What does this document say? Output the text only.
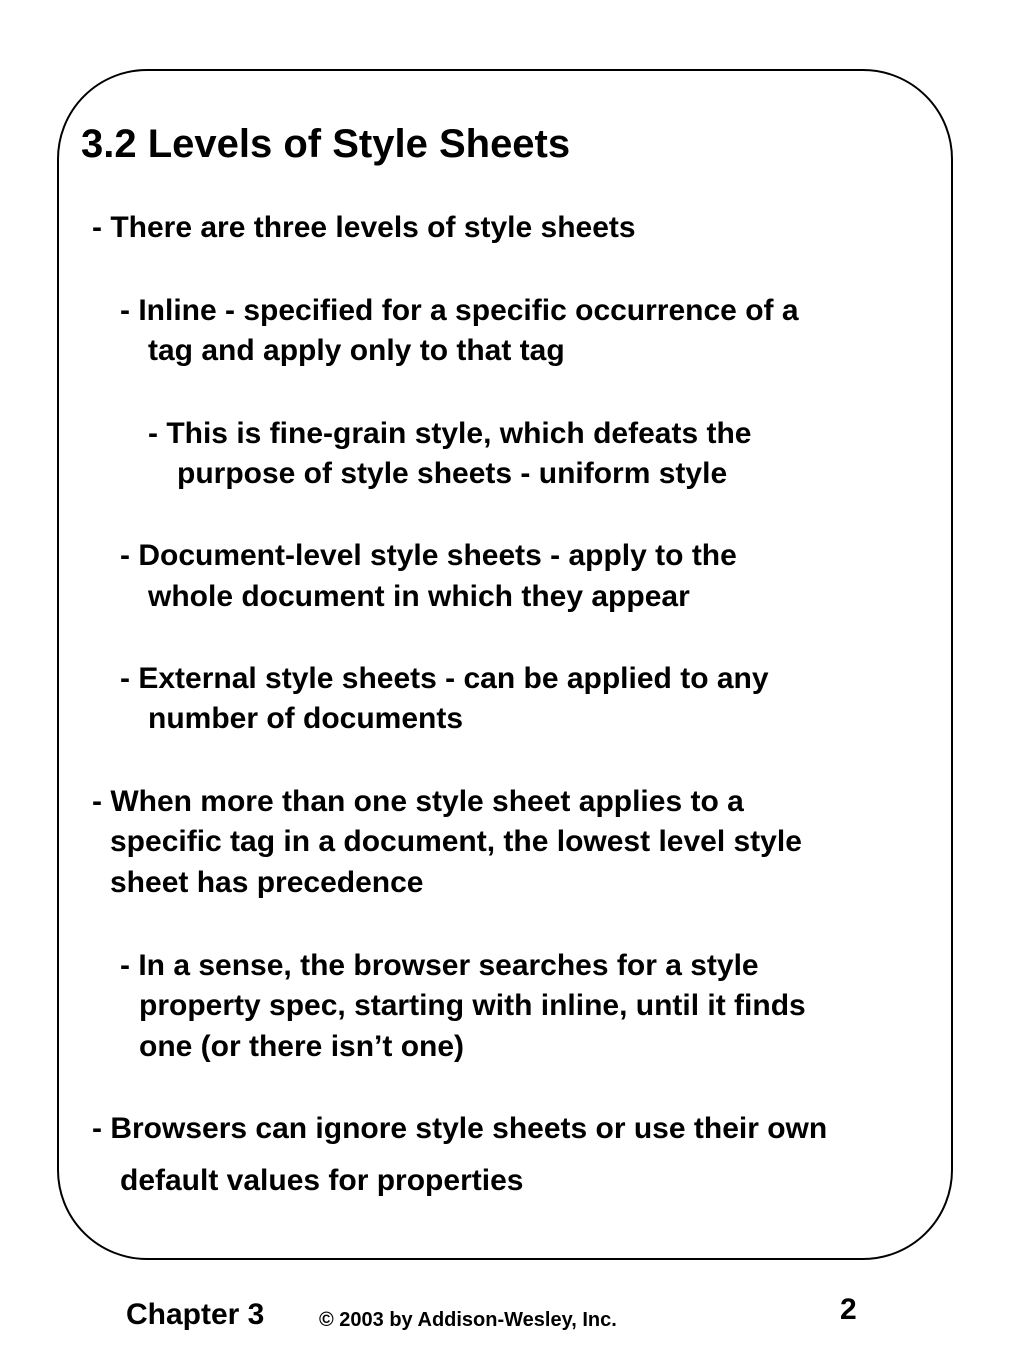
3.2 Levels of Style Sheets
- There are three levels of style sheets
- Inline - specified for a specific occurrence of a
tag and apply only to that tag
- This is fine-grain style, which defeats the
purpose of style sheets - uniform style
- Document-level style sheets - apply to the
whole document in which they appear
- External style sheets - can be applied to any
number of documents
- When more than one style sheet applies to a
specific tag in a document, the lowest level style
sheet has precedence
- In a sense, the browser searches for a style
property spec, starting with inline, until it finds
one (or there isn’t one)
- Browsers can ignore style sheets or use their own
default values for properties
Chapter 3	© 2003 by Addison-Wesley, Inc.	2
